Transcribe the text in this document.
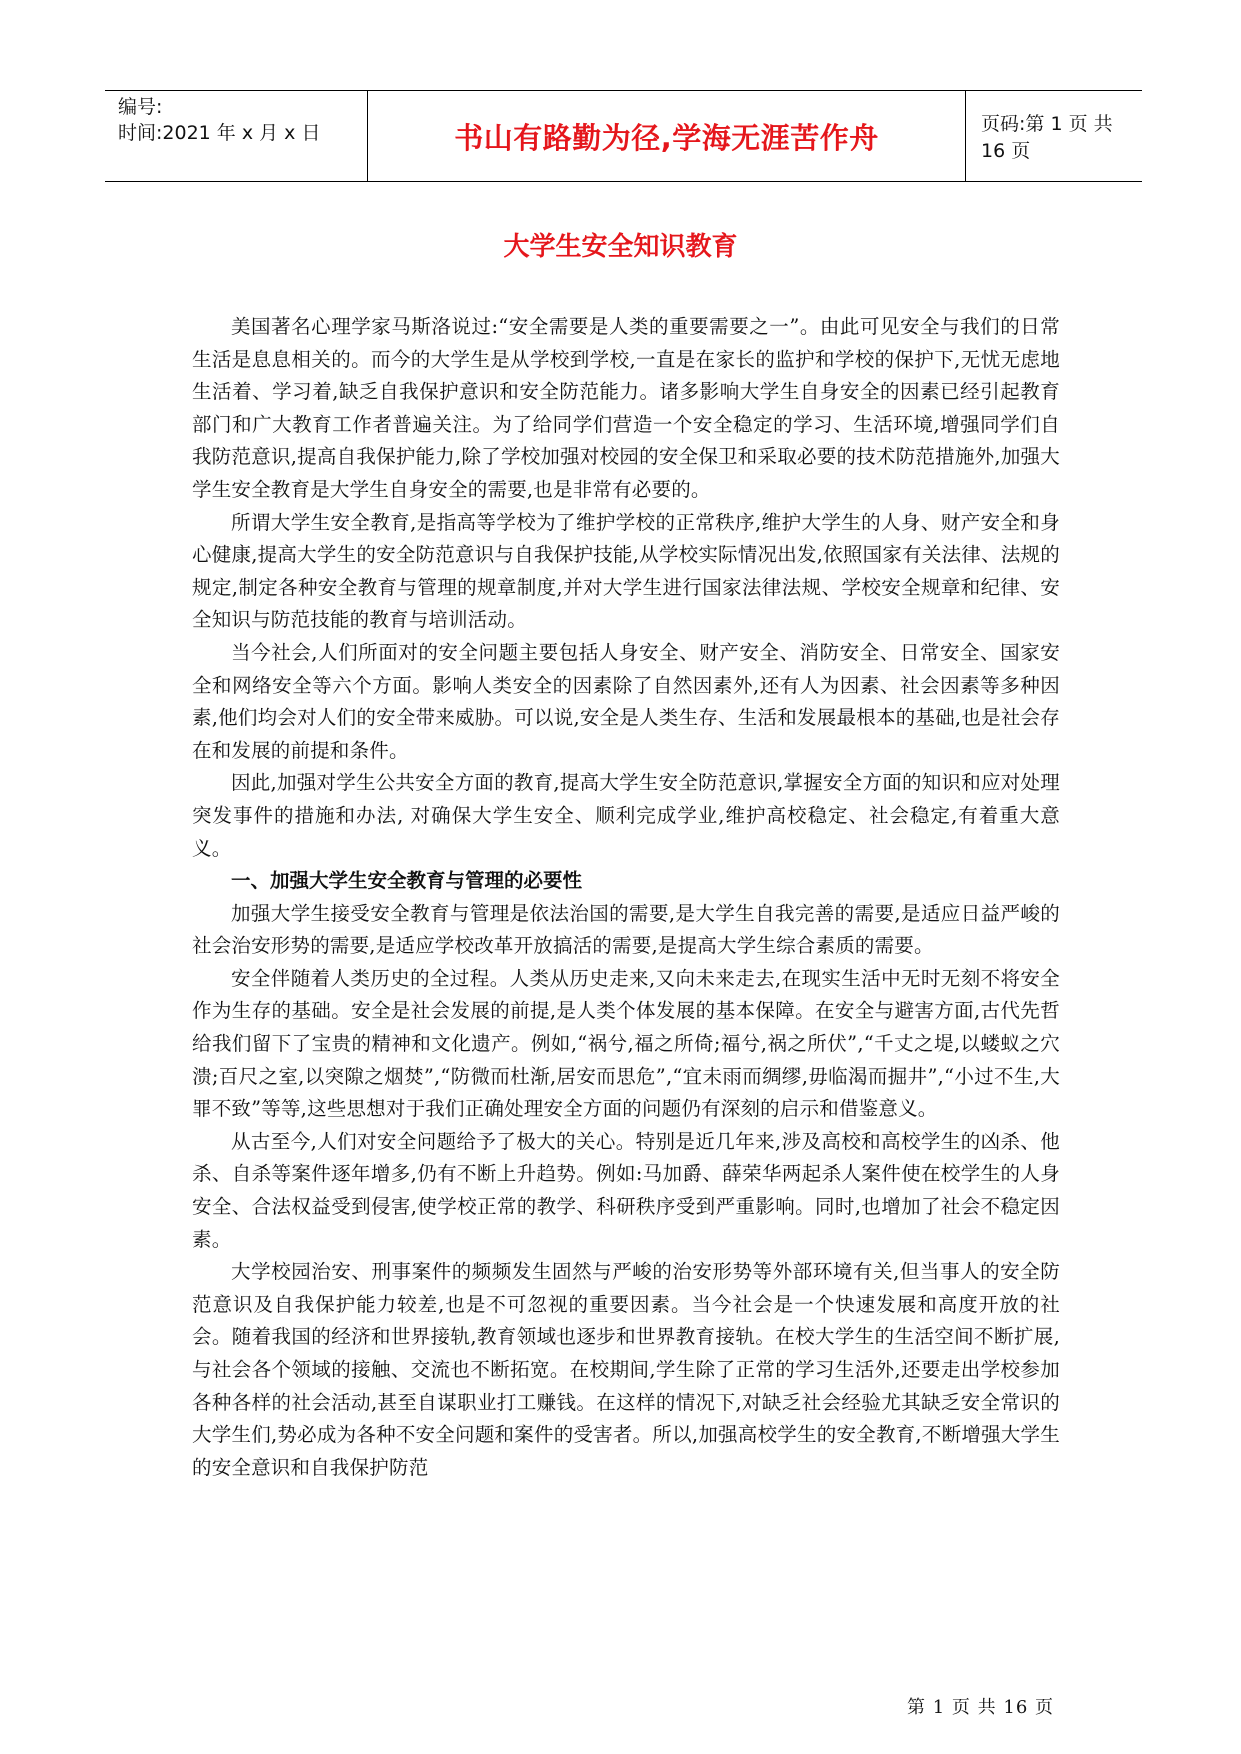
编号:
时间:2021 年 x 月 x 日	书山有路勤为径,学海无涯苦作舟	页码:第 1 页 共 16 页
大学生安全知识教育

美国著名心理学家马斯洛说过:“安全需要是人类的重要需要之一”。由此可见安全与我们的日常生活是息息相关的。而今的大学生是从学校到学校,一直是在家长的监护和学校的保护下,无忧无虑地生活着、学习着,缺乏自我保护意识和安全防范能力。诸多影响大学生自身安全的因素已经引起教育部门和广大教育工作者普遍关注。为了给同学们营造一个安全稳定的学习、生活环境,增强同学们自我防范意识,提高自我保护能力,除了学校加强对校园的安全保卫和采取必要的技术防范措施外,加强大学生安全教育是大学生自身安全的需要,也是非常有必要的。

所谓大学生安全教育,是指高等学校为了维护学校的正常秩序,维护大学生的人身、财产安全和身心健康,提高大学生的安全防范意识与自我保护技能,从学校实际情况出发,依照国家有关法律、法规的规定,制定各种安全教育与管理的规章制度,并对大学生进行国家法律法规、学校安全规章和纪律、安全知识与防范技能的教育与培训活动。

当今社会,人们所面对的安全问题主要包括人身安全、财产安全、消防安全、日常安全、国家安全和网络安全等六个方面。影响人类安全的因素除了自然因素外,还有人为因素、社会因素等多种因素,他们均会对人们的安全带来威胁。可以说,安全是人类生存、生活和发展最根本的基础,也是社会存在和发展的前提和条件。

因此,加强对学生公共安全方面的教育,提高大学生安全防范意识,掌握安全方面的知识和应对处理突发事件的措施和办法, 对确保大学生安全、顺利完成学业,维护高校稳定、社会稳定,有着重大意义。

一、加强大学生安全教育与管理的必要性

加强大学生接受安全教育与管理是依法治国的需要,是大学生自我完善的需要,是适应日益严峻的社会治安形势的需要,是适应学校改革开放搞活的需要,是提高大学生综合素质的需要。

安全伴随着人类历史的全过程。人类从历史走来,又向未来走去,在现实生活中无时无刻不将安全作为生存的基础。安全是社会发展的前提,是人类个体发展的基本保障。在安全与避害方面,古代先哲给我们留下了宝贵的精神和文化遗产。例如,“祸兮,福之所倚;福兮,祸之所伏”,“千丈之堤,以蝼蚁之穴溃;百尺之室,以突隙之烟焚”,“防微而杜渐,居安而思危”,“宜未雨而绸缪,毋临渴而掘井”,“小过不生,大罪不致”等等,这些思想对于我们正确处理安全方面的问题仍有深刻的启示和借鉴意义。

从古至今,人们对安全问题给予了极大的关心。特别是近几年来,涉及高校和高校学生的凶杀、他杀、自杀等案件逐年增多,仍有不断上升趋势。例如:马加爵、薛荣华两起杀人案件使在校学生的人身安全、合法权益受到侵害,使学校正常的教学、科研秩序受到严重影响。同时,也增加了社会不稳定因素。

大学校园治安、刑事案件的频频发生固然与严峻的治安形势等外部环境有关,但当事人的安全防范意识及自我保护能力较差,也是不可忽视的重要因素。当今社会是一个快速发展和高度开放的社会。随着我国的经济和世界接轨,教育领域也逐步和世界教育接轨。在校大学生的生活空间不断扩展,与社会各个领域的接触、交流也不断拓宽。在校期间,学生除了正常的学习生活外,还要走出学校参加各种各样的社会活动,甚至自谋职业打工赚钱。在这样的情况下,对缺乏社会经验尤其缺乏安全常识的大学生们,势必成为各种不安全问题和案件的受害者。所以,加强高校学生的安全教育,不断增强大学生的安全意识和自我保护防范

第 1 页 共 16 页
